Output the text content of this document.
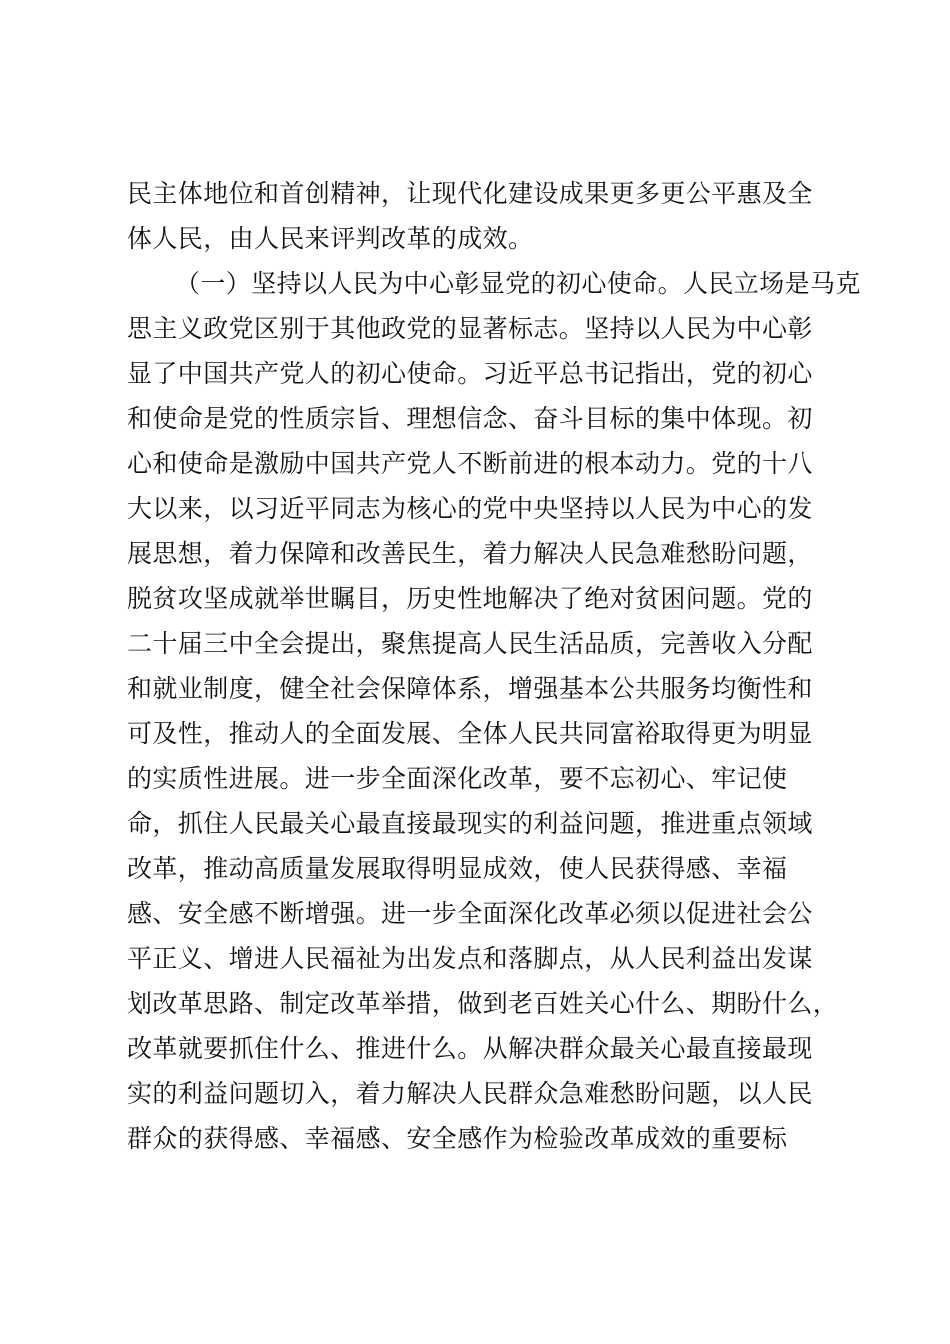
民主体地位和首创精神，让现代化建设成果更多更公平惠及全
体人民，由人民来评判改革的成效。
（一）坚持以人民为中心彰显党的初心使命。人民立场是马克
思主义政党区别于其他政党的显著标志。坚持以人民为中心彰
显了中国共产党人的初心使命。习近平总书记指出，党的初心
和使命是党的性质宗旨、理想信念、奋斗目标的集中体现。初
心和使命是激励中国共产党人不断前进的根本动力。党的十八
大以来，以习近平同志为核心的党中央坚持以人民为中心的发
展思想，着力保障和改善民生，着力解决人民急难愁盼问题，
脱贫攻坚成就举世瞩目，历史性地解决了绝对贫困问题。党的
二十届三中全会提出，聚焦提高人民生活品质，完善收入分配
和就业制度，健全社会保障体系，增强基本公共服务均衡性和
可及性，推动人的全面发展、全体人民共同富裕取得更为明显
的实质性进展。进一步全面深化改革，要不忘初心、牢记使
命，抓住人民最关心最直接最现实的利益问题，推进重点领域
改革，推动高质量发展取得明显成效，使人民获得感、幸福
感、安全感不断增强。进一步全面深化改革必须以促进社会公
平正义、增进人民福祉为出发点和落脚点，从人民利益出发谋
划改革思路、制定改革举措，做到老百姓关心什么、期盼什么，
改革就要抓住什么、推进什么。从解决群众最关心最直接最现
实的利益问题切入，着力解决人民群众急难愁盼问题，以人民
群众的获得感、幸福感、安全感作为检验改革成效的重要标
